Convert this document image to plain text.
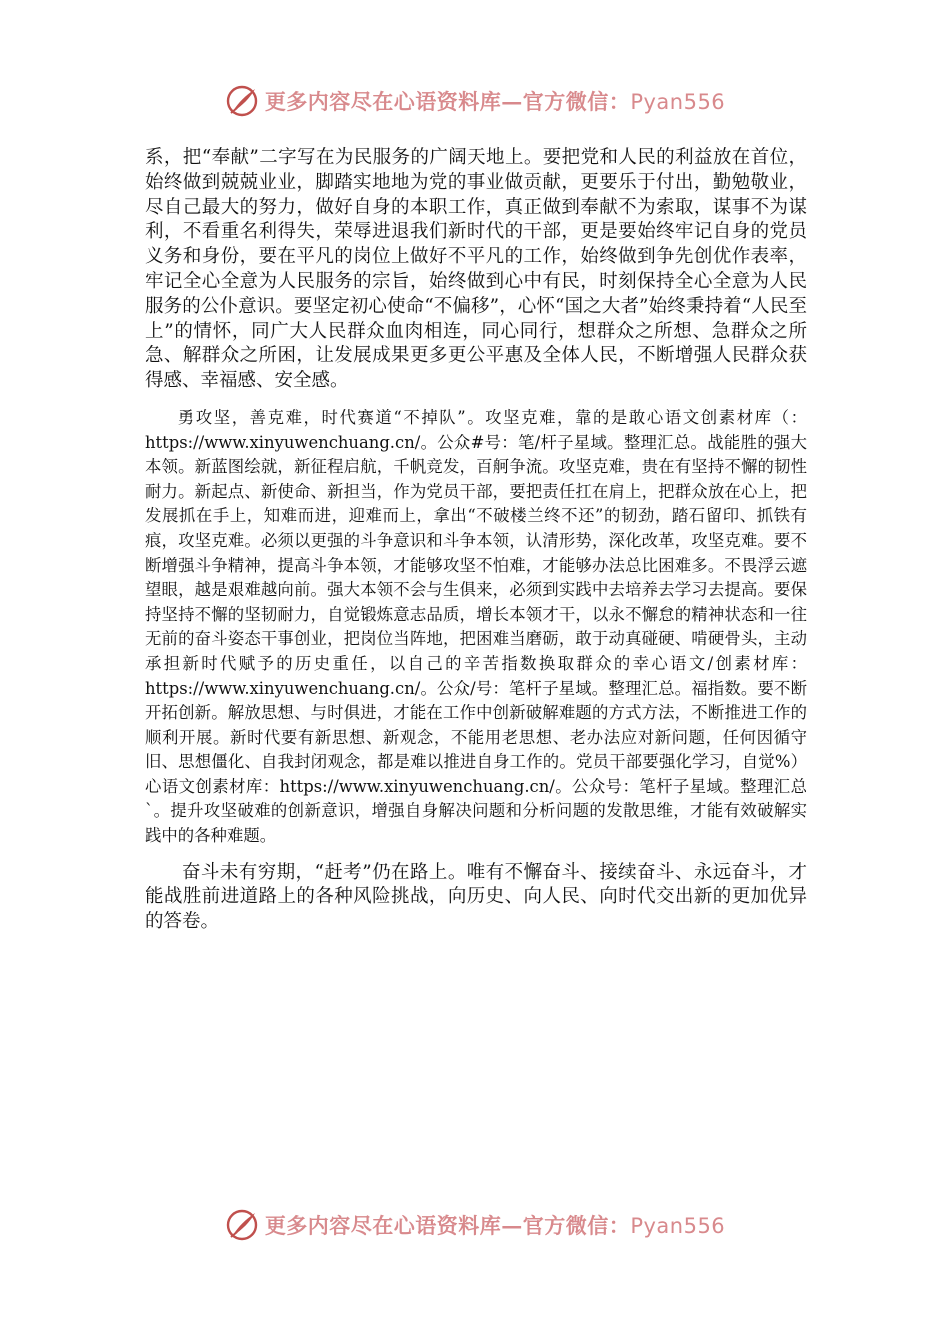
更多内容尽在心语资料库—官方微信：Pyan556

系，把“奉献”二字写在为民服务的广阔天地上。要把党和人民的利益放在首位，始终做到兢兢业业，脚踏实地地为党的事业做贡献，更要乐于付出，勤勉敬业，尽自己最大的努力，做好自身的本职工作，真正做到奉献不为索取，谋事不为谋利，不看重名利得失，荣辱进退我们新时代的干部，更是要始终牢记自身的党员义务和身份，要在平凡的岗位上做好不平凡的工作，始终做到争先创优作表率，牢记全心全意为人民服务的宗旨，始终做到心中有民，时刻保持全心全意为人民服务的公仆意识。要坚定初心使命“不偏移”，心怀“国之大者”始终秉持着“人民至上”的情怀，同广大人民群众血肉相连，同心同行，想群众之所想、急群众之所急、解群众之所困，让发展成果更多更公平惠及全体人民，不断增强人民群众获得感、幸福感、安全感。

勇攻坚，善克难，时代赛道“不掉队”。攻坚克难，靠的是敢心语文创素材库（：https://www.xinyuwenchuang.cn/。公众#号：笔/杆子星域。整理汇总。战能胜的强大本领。新蓝图绘就，新征程启航，千帆竞发，百舸争流。攻坚克难，贵在有坚持不懈的韧性耐力。新起点、新使命、新担当，作为党员干部，要把责任扛在肩上，把群众放在心上，把发展抓在手上，知难而进，迎难而上，拿出“不破楼兰终不还”的韧劲，踏石留印、抓铁有痕，攻坚克难。必须以更强的斗争意识和斗争本领，认清形势，深化改革，攻坚克难。要不断增强斗争精神，提高斗争本领，才能够攻坚不怕难，才能够办法总比困难多。不畏浮云遮望眼，越是艰难越向前。强大本领不会与生俱来，必须到实践中去培养去学习去提高。要保持坚持不懈的坚韧耐力，自觉锻炼意志品质，增长本领才干，以永不懈怠的精神状态和一往无前的奋斗姿态干事创业，把岗位当阵地，把困难当磨砺，敢于动真碰硬、啃硬骨头，主动承担新时代赋予的历史重任，以自己的辛苦指数换取群众的幸心语文/创素材库：https://www.xinyuwenchuang.cn/。公众/号：笔杆子星域。整理汇总。福指数。要不断开拓创新。解放思想、与时俱进，才能在工作中创新破解难题的方式方法，不断推进工作的顺利开展。新时代要有新思想、新观念，不能用老思想、老办法应对新问题，任何因循守旧、思想僵化、自我封闭观念，都是难以推进自身工作的。党员干部要强化学习，自觉%）心语文创素材库：https://www.xinyuwenchuang.cn/。公众号：笔杆子星域。整理汇总`。提升攻坚破难的创新意识，增强自身解决问题和分析问题的发散思维，才能有效破解实践中的各种难题。

奋斗未有穷期，“赶考”仍在路上。唯有不懈奋斗、接续奋斗、永远奋斗，才能战胜前进道路上的各种风险挑战，向历史、向人民、向时代交出新的更加优异的答卷。

更多内容尽在心语资料库—官方微信：Pyan556
